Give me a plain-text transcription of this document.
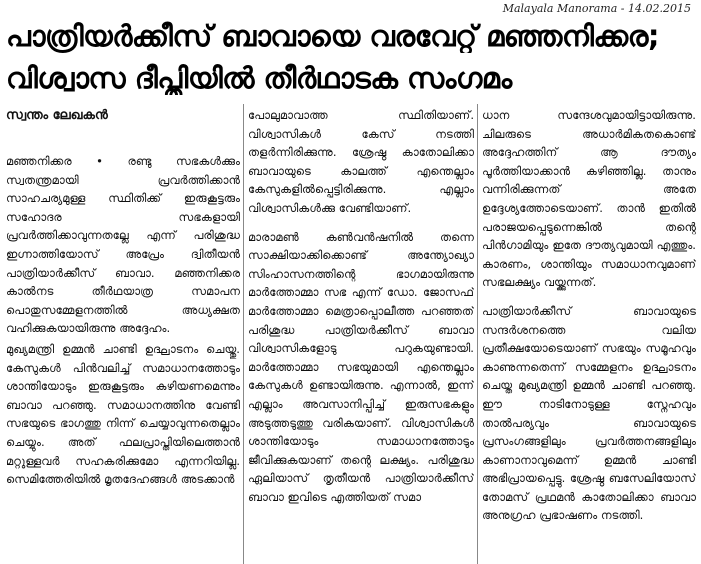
Malayala Manorama - 14.02.2015
പാത്രിയർക്കീസ് ബാവായെ വരവേറ്റ് മഞ്ഞനിക്കര;
വിശ്വാസ ദീപ്തിയിൽ തീർഥാടക സംഗമം
സ്വന്തം ലേഖകൻ

മഞ്ഞനിക്കര • രണ്ടു സഭകൾക്കും സ്വതന്ത്രമായി പ്രവർത്തിക്കാൻ സാഹചര്യമുള്ള സ്ഥിതിക്ക് ഇരുകൂട്ടരും സഹോദര സഭകളായി പ്രവർത്തിക്കാവുന്നതല്ലേ എന്ന് പരിശുദ്ധ ഇഗ്നാത്തിയോസ് അപ്രേം ദ്വിതീയൻ പാത്രിയാർക്കീസ് ബാവാ. മഞ്ഞനിക്കര കാൽനട തീർഥയാത്ര സമാപന പൊതുസമ്മേളനത്തിൽ അധ്യക്ഷത വഹിക്കുകയായിരുന്നു അദ്ദേഹം.

മുഖ്യമന്ത്രി ഉമ്മൻ ചാണ്ടി ഉദ്ഘാടനം ചെയ്തു. കേസുകൾ പിൻവലിച്ച് സമാധാനത്തോടും ശാന്തിയോടും ഇരുകൂട്ടരും കഴിയണമെന്നും ബാവാ പറഞ്ഞു. സമാധാനത്തിനു വേണ്ടി സഭയുടെ ഭാഗത്തു നിന്ന് ചെയ്യാവുന്നതെല്ലാം ചെയ്യും. അത് ഫലപ്രാപ്തിയിലെത്താൻ മറ്റുള്ളവർ സഹകരിക്കുമോ എന്നറിയില്ല. സെമിത്തേരിയിൽ മൃതദേഹങ്ങൾ അടക്കാൻ

പോലുമാവാത്ത സ്ഥിതിയാണ്. വിശ്വാസികൾ കേസ് നടത്തി തളർന്നിരിക്കുന്നു. ശ്രേഷ്ഠ കാതോലിക്കാ ബാവായുടെ കാലത്ത് എന്തെല്ലാം കേസുകളിൽപ്പെട്ടിരിക്കുന്നു. എല്ലാം വിശ്വാസികൾക്കു വേണ്ടിയാണ്.

മാരാമൺ കൺവൻഷനിൽ തന്നെ സാക്ഷിയാക്കിക്കൊണ്ട് അന്ത്യോഖ്യാ സിംഹാസനത്തിന്റെ ഭാഗമായിരുന്നു മാർത്തോമ്മാ സഭ എന്ന് ഡോ. ജോസഫ് മാർത്തോമ്മാ മെത്രാപ്പൊലീത്ത പറഞ്ഞത് പരിശുദ്ധ പാത്രിയർക്കീസ് ബാവാ വിശ്വാസികളോടു പറുകയുണ്ടായി. മാർത്തോമ്മാ സഭയുമായി എന്തെല്ലാം കേസുകൾ ഉണ്ടായിരുന്നു. എന്നാൽ, ഇന്ന് എല്ലാം അവസാനിപ്പിച്ച് ഇരുസഭകളും അടുത്തടുത്തു വരികയാണ്. വിശ്വാസികൾ ശാന്തിയോടും സമാധാനത്തോടും ജീവിക്കുകയാണ് തന്റെ ലക്ഷ്യം. പരിശുദ്ധ ഏലിയാസ് തൃതീയൻ പാത്രിയാർക്കീസ് ബാവാ ഇവിടെ എത്തിയത് സമാ

ധാന സന്ദേശവുമായിട്ടായിരുന്നു. ചിലരുടെ അധാർമികതകൊണ്ട് അദ്ദേഹത്തിന് ആ ദൗത്യം പൂർത്തിയാക്കാൻ കഴിഞ്ഞില്ല. താനും വന്നിരിക്കുന്നത് അതേ ഉദ്ദേശ്യത്തോടെയാണ്. താൻ ഇതിൽ പരാജയപ്പെടുന്നെങ്കിൽ തന്റെ പിൻഗാമിയും ഇതേ ദൗത്യവുമായി എത്തും. കാരണം, ശാന്തിയും സമാധാനവുമാണ് സഭലക്ഷ്യം വയ്ക്കുന്നത്.

പാത്രിയാർക്കീസ് ബാവായുടെ സന്ദർശനത്തെ വലിയ പ്രതീക്ഷയോടെയാണ് സഭയും സമൂഹവും കാണുന്നതെന്ന് സമ്മേളനം ഉദ്ഘാടനം ചെയ്ത മുഖ്യമന്ത്രി ഉമ്മൻ ചാണ്ടി പറഞ്ഞു. ഈ നാടിനോടുള്ള സ്നേഹവും താൽപര്യവും ബാവായുടെ പ്രസംഗങ്ങളിലും പ്രവർത്തനങ്ങളിലും കാണാനാവുമെന്ന് ഉമ്മൻ ചാണ്ടി അഭിപ്രായപ്പെട്ടു. ശ്രേഷ്ഠ ബസേലിയോസ് തോമസ് പ്രഥമൻ കാതോലിക്കാ ബാവാ അനുഗ്രഹ പ്രഭാഷണം നടത്തി.
